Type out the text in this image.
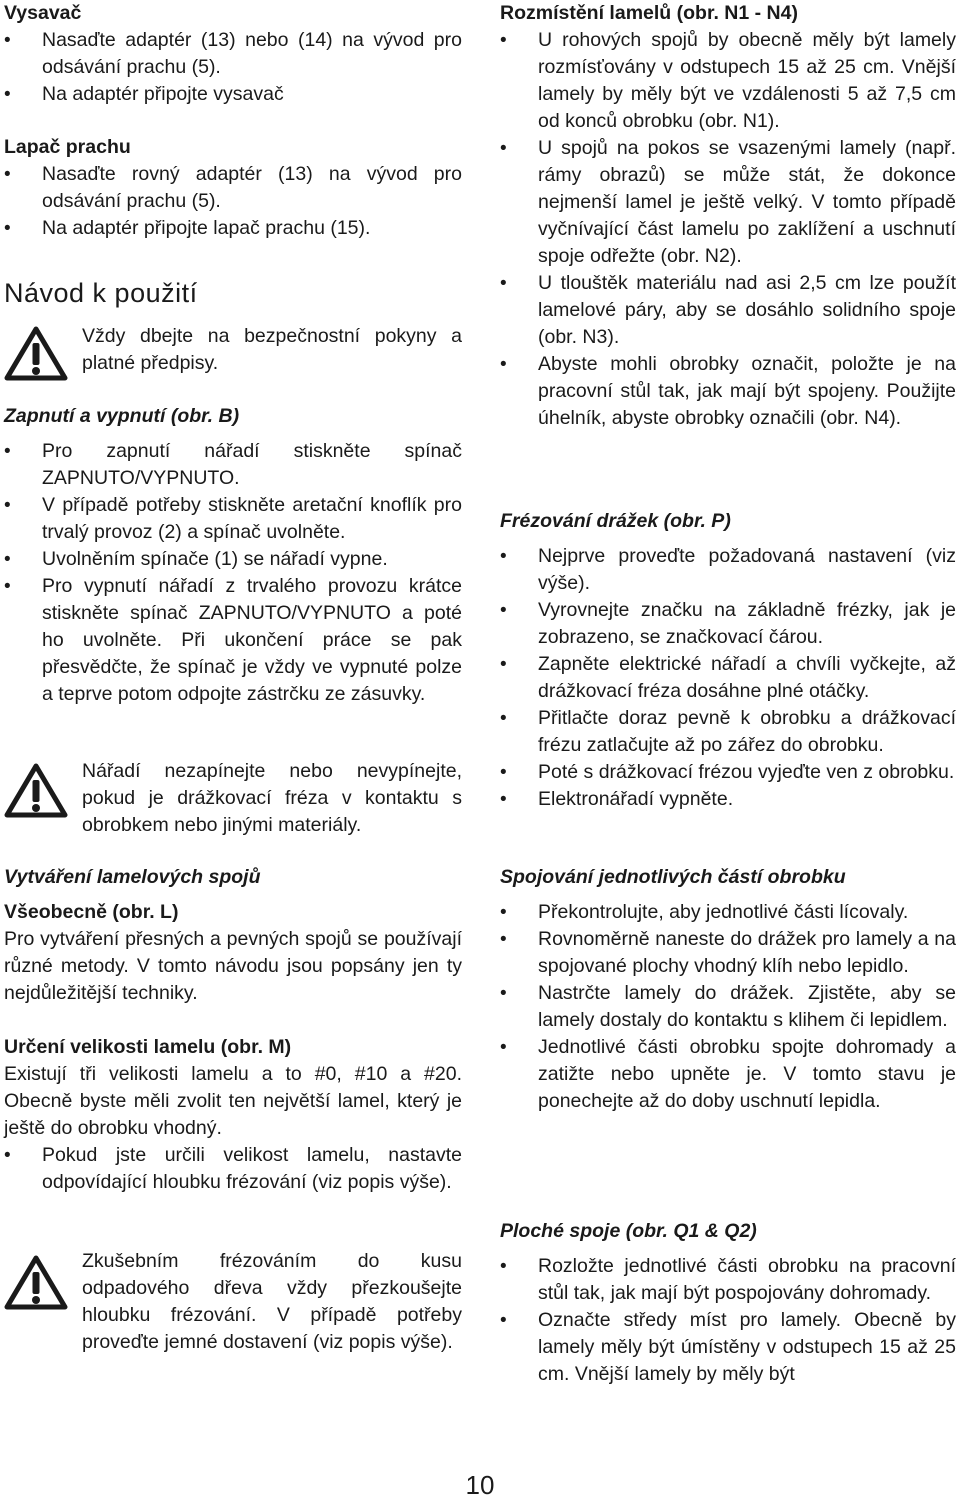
Vysavač
• Nasaďte adaptér (13) nebo (14) na vývod pro odsávání prachu (5).
• Na adaptér připojte vysavač
Lapač prachu
• Nasaďte rovný adaptér (13) na vývod pro odsávání prachu (5).
• Na adaptér připojte lapač prachu (15).
Návod k použití

Vždy dbejte na bezpečnostní pokyny a platné předpisy.

Zapnutí a vypnutí (obr. B)
• Pro zapnutí nářadí stiskněte spínač ZAPNUTO/VYPNUTO.
• V případě potřeby stiskněte aretační knoflík pro trvalý provoz (2) a spínač uvolněte.
• Uvolněním spínače (1) se nářadí vypne.
• Pro vypnutí nářadí z trvalého provozu krátce stiskněte spínač ZAPNUTO/VYPNUTO a poté ho uvolněte. Při ukončení práce se pak přesvědčte, že spínač je vždy ve vypnuté polze a teprve potom odpojte zástrčku ze zásuvky.

Nářadí nezapínejte nebo nevypínejte, pokud je drážkovací fréza v kontaktu s obrobkem nebo jinými materiály.

Vytváření lamelových spojů
Všeobecně (obr. L)

Pro vytváření přesných a pevných spojů se používají různé metody. V tomto návodu jsou popsány jen ty nejdůležitější techniky.

Určení velikosti lamelu (obr. M)

Existují tři velikosti lamelu a to #0, #10 a #20. Obecně byste měli zvolit ten největší lamel, který je ještě do obrobku vhodný.

• Pokud jste určili velikost lamelu, nastavte odpovídající hloubku frézování (viz popis výše).

Zkušebním frézováním do kusu odpadového dřeva vždy přezkoušejte hloubku frézování. V případě potřeby proveďte jemné dostavení (viz popis výše).

Rozmístění lamelů (obr. N1 - N4)
• U rohových spojů by obecně měly být lamely rozmísťovány v odstupech 15 až 25 cm. Vnější lamely by měly být ve vzdálenosti 5 až 7,5 cm od konců obrobku (obr. N1).
• U spojů na pokos se vsazenými lamely (např. rámy obrazů) se může stát, že dokonce nejmenší lamel je ještě velký. V tomto případě vyčnívající část lamelu po zaklížení a uschnutí spoje odřežte (obr. N2).
• U tlouštěk materiálu nad asi 2,5 cm lze použít lamelové páry, aby se dosáhlo solidního spoje (obr. N3).
• Abyste mohli obrobky označit, položte je na pracovní stůl tak, jak mají být spojeny. Použijte úhelník, abyste obrobky označili (obr. N4).
Frézování drážek (obr. P)
• Nejprve proveďte požadovaná nastavení (viz výše).
• Vyrovnejte značku na základně frézky, jak je zobrazeno, se značkovací čárou.
• Zapněte elektrické nářadí a chvíli vyčkejte, až drážkovací fréza dosáhne plné otáčky.
• Přitlačte doraz pevně k obrobku a drážkovací frézu zatlačujte až po zářez do obrobku.
• Poté s drážkovací frézou vyjeďte ven z obrobku.
• Elektronářadí vypněte.
Spojování jednotlivých částí obrobku
• Překontrolujte, aby jednotlivé části lícovaly.
• Rovnoměrně naneste do drážek pro lamely a na spojované plochy vhodný klíh nebo lepidlo.
• Nastrčte lamely do drážek. Zjistěte, aby se lamely dostaly do kontaktu s klihem či lepidlem.
• Jednotlivé části obrobku spojte dohromady a zatižte nebo upněte je. V tomto stavu je ponechejte až do doby uschnutí lepidla.
Ploché spoje (obr. Q1 & Q2)
• Rozložte jednotlivé části obrobku na pracovní stůl tak, jak mají být pospojovány dohromady.
• Označte středy míst pro lamely. Obecně by lamely měly být úmístěny v odstupech 15 až 25 cm. Vnější lamely by měly být
10
